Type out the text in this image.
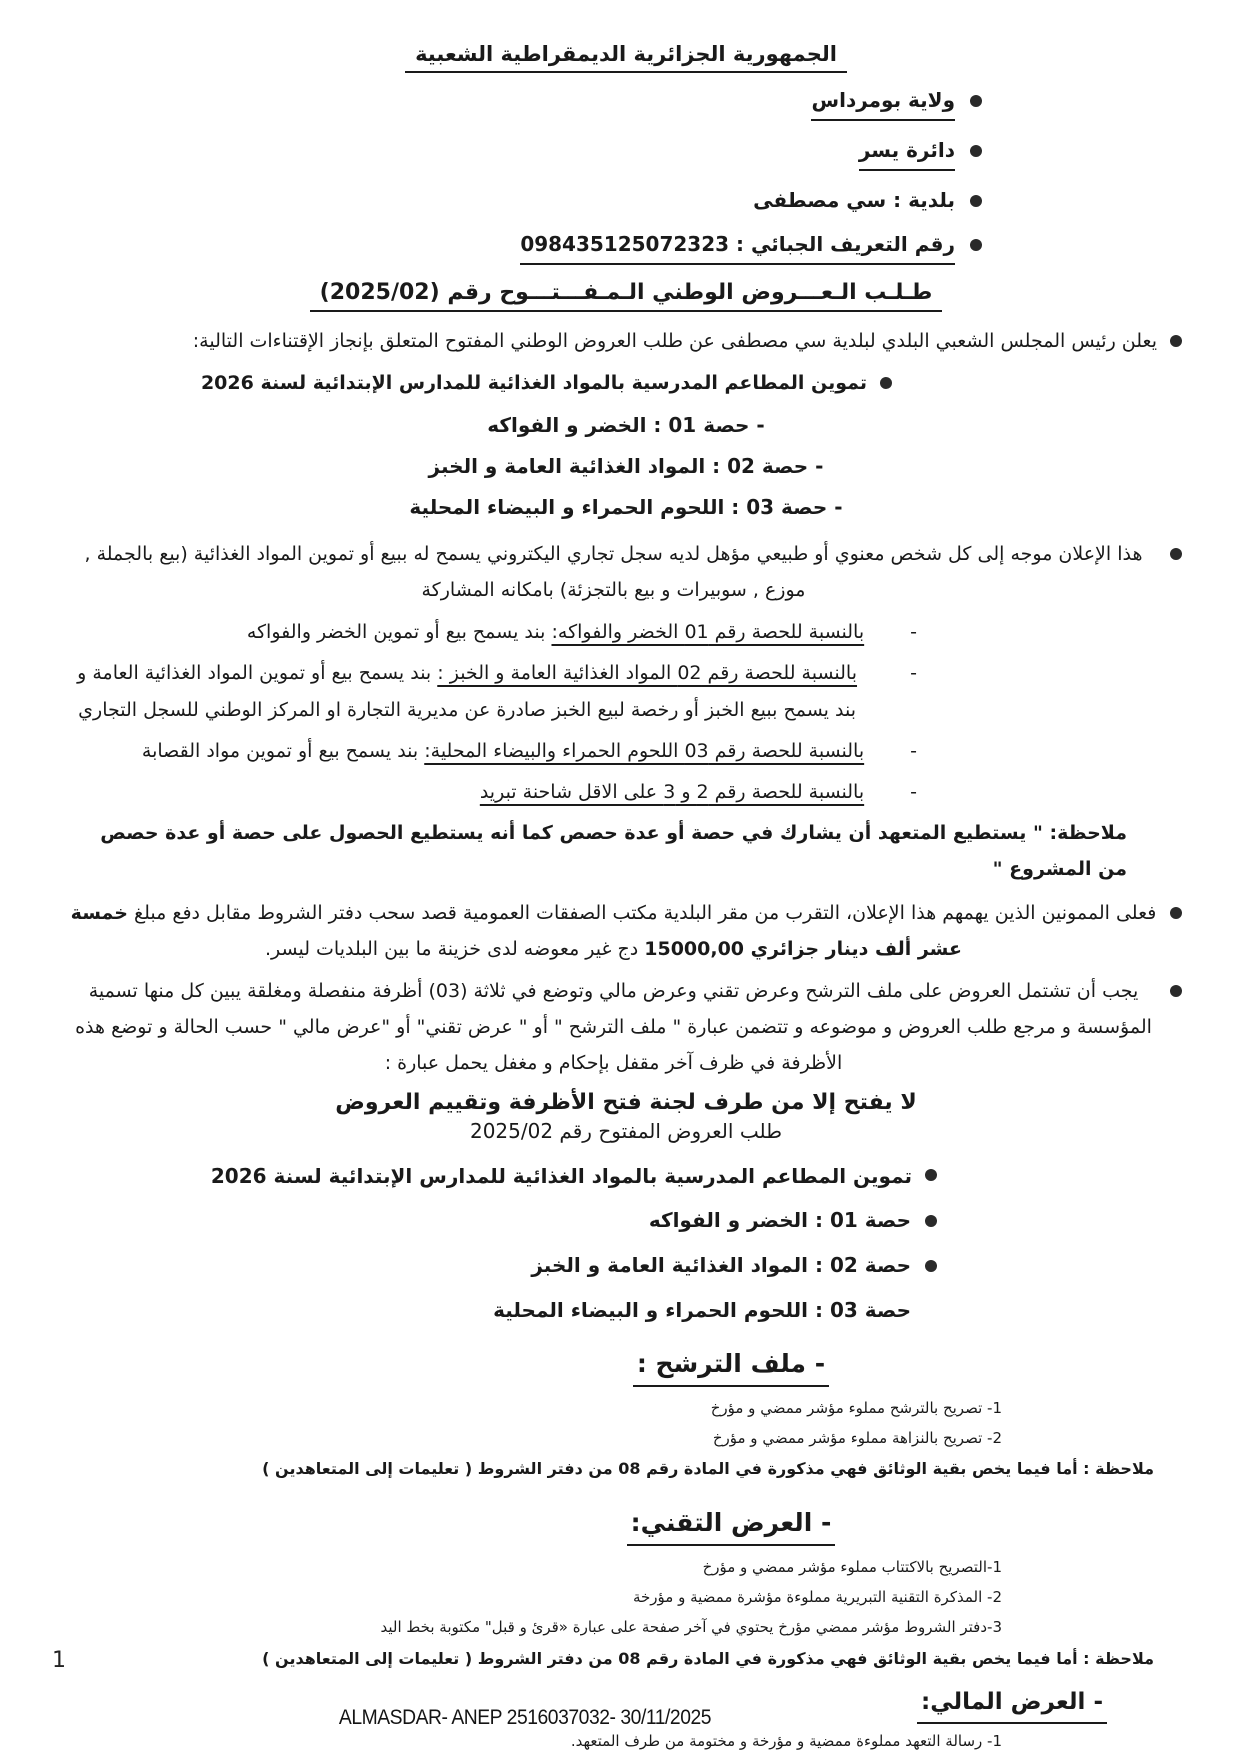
الجمهورية الجزائرية الديمقراطية الشعبية
ولاية بومرداس
دائرة يسر
بلدية : سي مصطفى
رقم التعريف الجبائي : 098435125072323
طـلـب الـعـــروض الوطني الـمـفـــتـــوح رقم (2025/02)
يعلن رئيس المجلس الشعبي البلدي لبلدية سي مصطفى عن طلب العروض الوطني المفتوح المتعلق بإنجاز الإقتناءات التالية:
تموين المطاعم المدرسية بالمواد الغذائية للمدارس الإبتدائية لسنة 2026
- حصة 01 : الخضر و الفواكه
- حصة 02 : المواد الغذائية العامة و الخبز
- حصة 03 : اللحوم الحمراء و البيضاء المحلية
هذا الإعلان موجه إلى كل شخص معنوي أو طبيعي مؤهل لديه سجل تجاري اليكتروني يسمح له ببيع أو تموين المواد الغذائية (بيع بالجملة , موزع , سوبيرات و بيع بالتجزئة) بامكانه المشاركة
-
بالنسبة للحصة رقم 01 الخضر والفواكه: بند يسمح بيع أو تموين الخضر والفواكه
-
بالنسبة للحصة رقم 02 المواد الغذائية العامة و الخبز : بند يسمح بيع أو تموين المواد الغذائية العامة و بند يسمح ببيع الخبز أو رخصة لبيع الخبز صادرة عن مديرية التجارة او المركز الوطني للسجل التجاري
-
بالنسبة للحصة رقم 03 اللحوم الحمراء والبيضاء المحلية: بند يسمح بيع أو تموين مواد القصابة
-
بالنسبة للحصة رقم 2 و 3 على الاقل شاحنة تبريد
ملاحظة: " يستطيع المتعهد أن يشارك في حصة أو عدة حصص كما أنه يستطيع الحصول على حصة أو عدة حصص من المشروع "
فعلى الممونين الذين يهمهم هذا الإعلان، التقرب من مقر البلدية مكتب الصفقات العمومية قصد سحب دفتر الشروط مقابل دفع مبلغ خمسة عشر ألف دينار جزائري 15000,00 دج غير معوضه لدى خزينة ما بين البلديات ليسر.
يجب أن تشتمل العروض على ملف الترشح وعرض تقني وعرض مالي وتوضع في ثلاثة (03) أظرفة منفصلة ومغلقة يبين كل منها تسمية المؤسسة و مرجع طلب العروض و موضوعه و تتضمن عبارة " ملف الترشح " أو " عرض تقني" أو "عرض مالي " حسب الحالة و توضع هذه الأظرفة في ظرف آخر مقفل بإحكام و مغفل يحمل عبارة :
لا يفتح إلا من طرف لجنة فتح الأظرفة وتقييم العروض
طلب العروض المفتوح رقم 2025/02
تموين المطاعم المدرسية بالمواد الغذائية للمدارس الإبتدائية لسنة 2026
حصة 01 : الخضر و الفواكه
حصة 02 : المواد الغذائية العامة و الخبز
حصة 03 : اللحوم الحمراء و البيضاء المحلية
- ملف الترشح :
1- تصريح بالترشح مملوء مؤشر ممضي و مؤرخ
2- تصريح بالنزاهة مملوء مؤشر ممضي و مؤرخ
ملاحظة : أما فيما يخص بقية الوثائق فهي مذكورة في المادة رقم 08 من دفتر الشروط ( تعليمات إلى المتعاهدين )
- العرض التقني:
1-التصريح بالاكتتاب مملوء مؤشر ممضي و مؤرخ
2- المذكرة التقنية التبريرية مملوءة مؤشرة ممضية و مؤرخة
3-دفتر الشروط مؤشر ممضي مؤرخ يحتوي في آخر صفحة على عبارة «قرئ و قبل" مكتوبة بخط اليد
ملاحظة : أما فيما يخص بقية الوثائق فهي مذكورة في المادة رقم 08 من دفتر الشروط ( تعليمات إلى المتعاهدين )
- العرض المالي:
1- رسالة التعهد مملوءة ممضية و مؤرخة و مختومة من طرف المتعهد.
1
ALMASDAR- ANEP 2516037032- 30/11/2025
